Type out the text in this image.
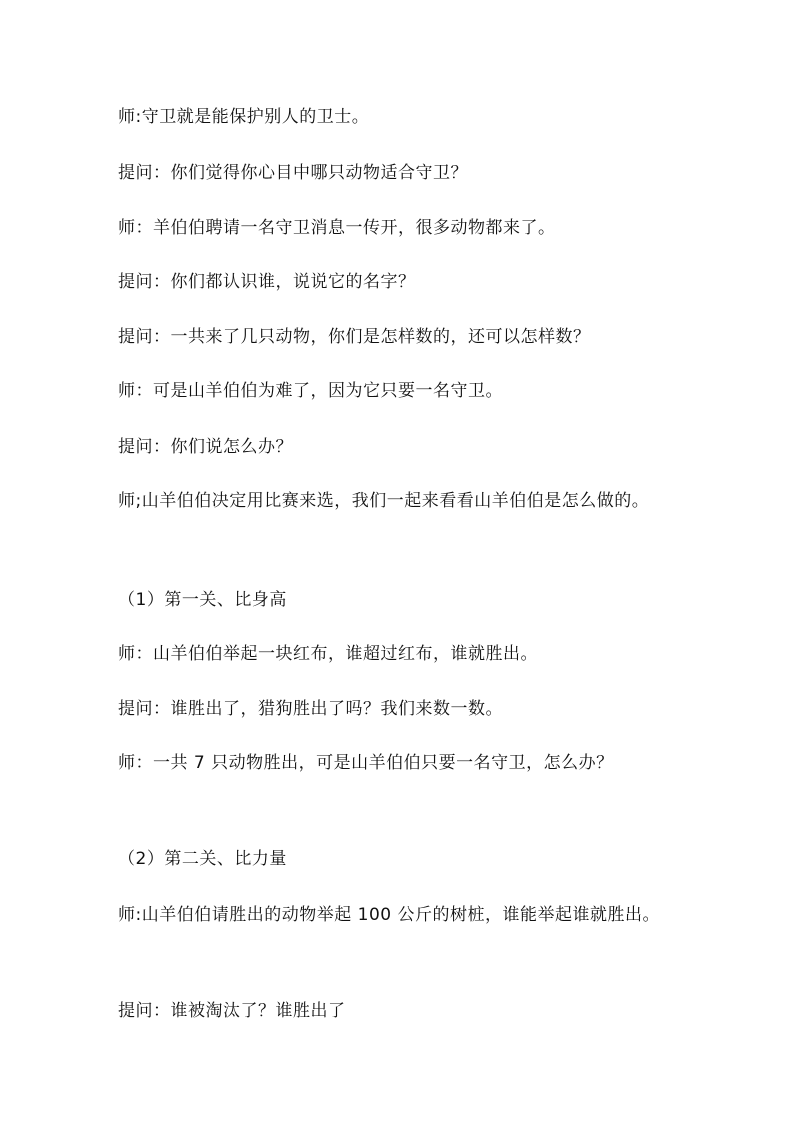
师:守卫就是能保护别人的卫士。

提问：你们觉得你心目中哪只动物适合守卫？

师：羊伯伯聘请一名守卫消息一传开，很多动物都来了。

提问：你们都认识谁，说说它的名字？

提问：一共来了几只动物，你们是怎样数的，还可以怎样数？

师：可是山羊伯伯为难了，因为它只要一名守卫。

提问：你们说怎么办？

师;山羊伯伯决定用比赛来选，我们一起来看看山羊伯伯是怎么做的。

（1）第一关、比身高

师：山羊伯伯举起一块红布，谁超过红布，谁就胜出。

提问：谁胜出了，猎狗胜出了吗？我们来数一数。

师：一共 7 只动物胜出，可是山羊伯伯只要一名守卫，怎么办？

（2）第二关、比力量

师:山羊伯伯请胜出的动物举起 100 公斤的树桩，谁能举起谁就胜出。

提问：谁被淘汰了？谁胜出了
